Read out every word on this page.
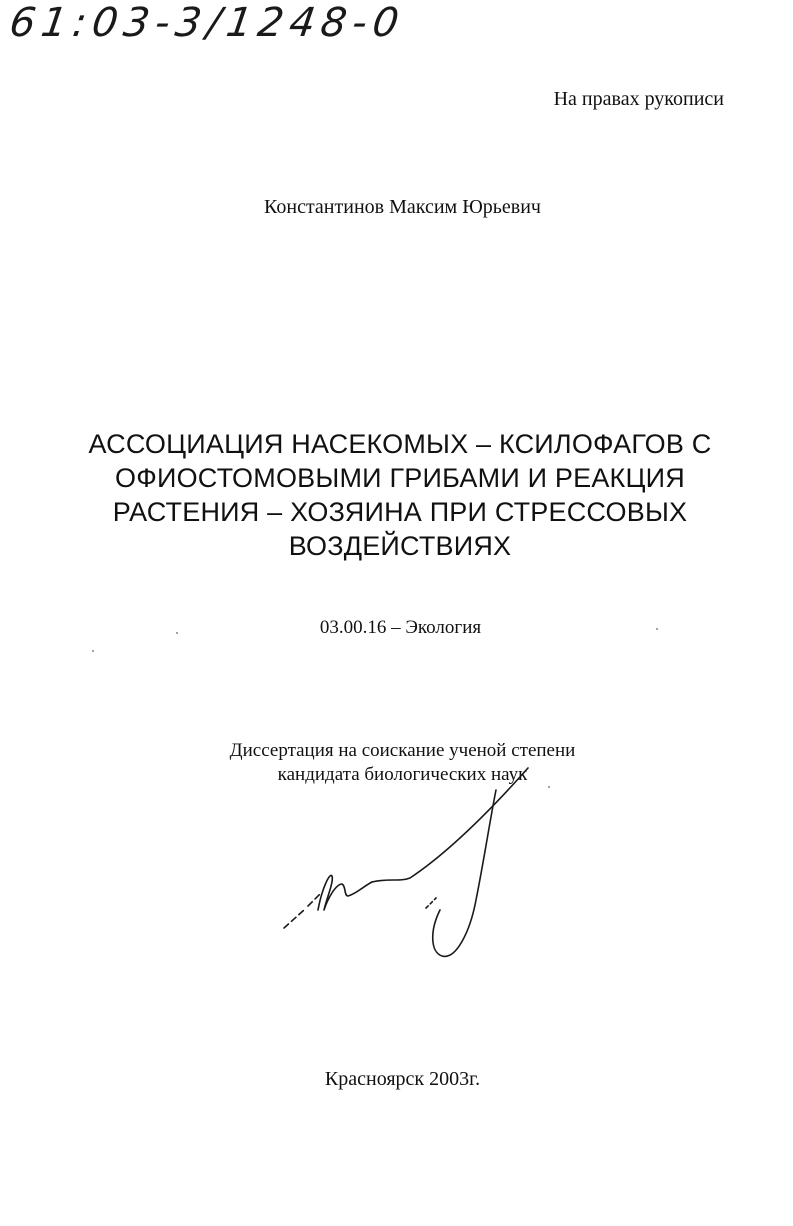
61:03-3/1248-0
На правах рукописи
Константинов Максим Юрьевич
АССОЦИАЦИЯ НАСЕКОМЫХ – КСИЛОФАГОВ С
ОФИОСТОМОВЫМИ ГРИБАМИ И РЕАКЦИЯ
РАСТЕНИЯ – ХОЗЯИНА ПРИ СТРЕССОВЫХ
ВОЗДЕЙСТВИЯХ
03.00.16 – Экология
Диссертация на соискание ученой степени
кандидата биологических наук
Красноярск 2003г.
